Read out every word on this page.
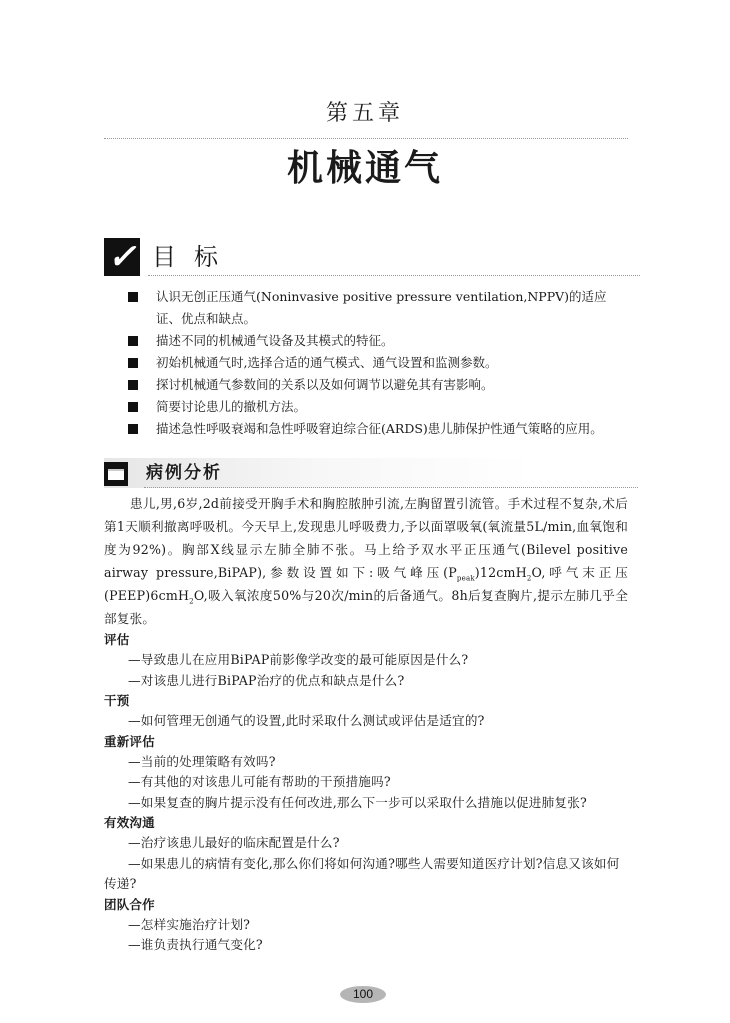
第五章
机械通气
✓ 目标
认识无创正压通气(Noninvasive positive pressure ventilation,NPPV)的适应证、优点和缺点。
描述不同的机械通气设备及其模式的特征。
初始机械通气时,选择合适的通气模式、通气设置和监测参数。
探讨机械通气参数间的关系以及如何调节以避免其有害影响。
简要讨论患儿的撤机方法。
描述急性呼吸衰竭和急性呼吸窘迫综合征(ARDS)患儿肺保护性通气策略的应用。
病例分析
患儿,男,6岁,2d前接受开胸手术和胸腔脓肿引流,左胸留置引流管。手术过程不复杂,术后第1天顺利撤离呼吸机。今天早上,发现患儿呼吸费力,予以面罩吸氧(氧流量5L/min,血氧饱和度为92%)。胸部X线显示左肺全肺不张。马上给予双水平正压通气(Bilevel positive airway pressure,BiPAP),参数设置如下:吸气峰压$(P_{peak})12cmH_2O$,呼气末正压(PEEP)6cmH$_2$O,吸入氧浓度50%与20次/min的后备通气。8h后复查胸片,提示左肺几乎全部复张。
评估
—导致患儿在应用BiPAP前影像学改变的最可能原因是什么?
—对该患儿进行BiPAP治疗的优点和缺点是什么?
干预
—如何管理无创通气的设置,此时采取什么测试或评估是适宜的?
重新评估
—当前的处理策略有效吗?
—有其他的对该患儿可能有帮助的干预措施吗?
—如果复查的胸片提示没有任何改进,那么下一步可以采取什么措施以促进肺复张?
有效沟通
—治疗该患儿最好的临床配置是什么?
—如果患儿的病情有变化,那么你们将如何沟通?哪些人需要知道医疗计划?信息又该如何传递?
团队合作
—怎样实施治疗计划?
—谁负责执行通气变化?
100
